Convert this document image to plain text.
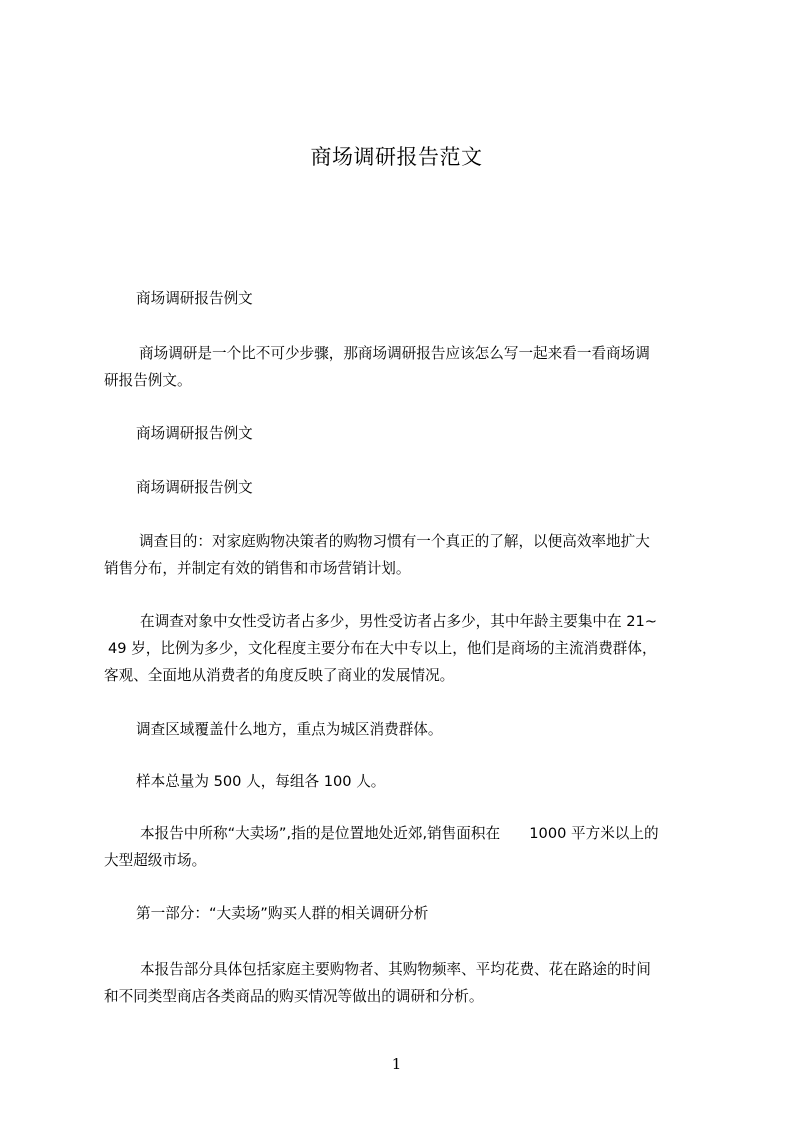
商场调研报告范文
商场调研报告例文
商场调研是一个比不可少步骤，那商场调研报告应该怎么写一起来看一看商场调
研报告例文。
商场调研报告例文
商场调研报告例文
调查目的：对家庭购物决策者的购物习惯有一个真正的了解，以便高效率地扩大
销售分布，并制定有效的销售和市场营销计划。
在调查对象中女性受访者占多少，男性受访者占多少，其中年龄主要集中在 21~
49 岁，比例为多少，文化程度主要分布在大中专以上，他们是商场的主流消费群体，
客观、全面地从消费者的角度反映了商业的发展情况。
调查区域覆盖什么地方，重点为城区消费群体。
样本总量为 500 人，每组各 100 人。
本报告中所称“大卖场”,指的是位置地处近郊,销售面积在　　1000 平方米以上的
大型超级市场。
第一部分：“大卖场”购买人群的相关调研分析
本报告部分具体包括家庭主要购物者、其购物频率、平均花费、花在路途的时间
和不同类型商店各类商品的购买情况等做出的调研和分析。
1
